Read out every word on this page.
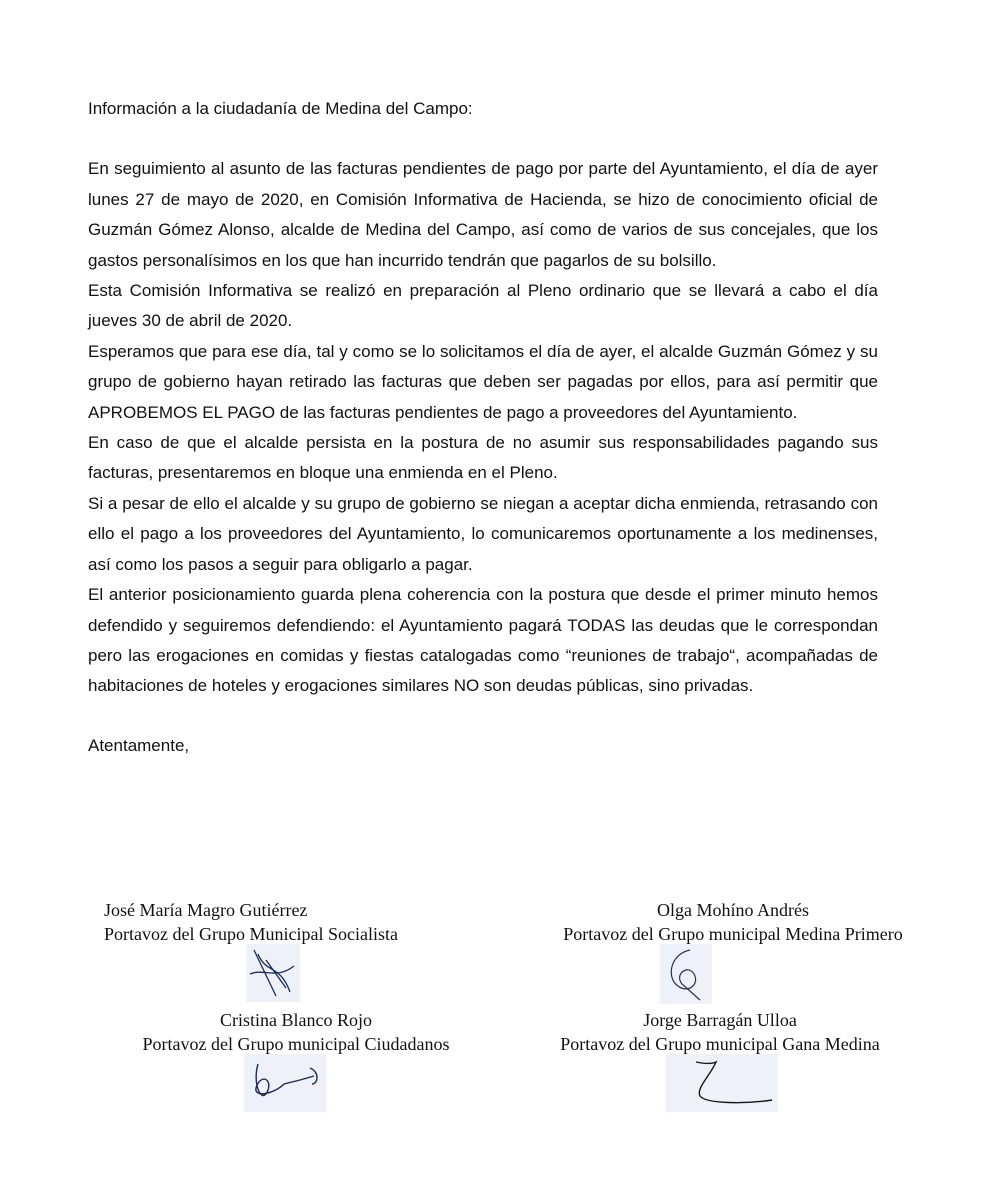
Información a la ciudadanía de Medina del Campo:

En seguimiento al asunto de las facturas pendientes de pago por parte del Ayuntamiento, el día de ayer lunes 27 de mayo de 2020, en Comisión Informativa de Hacienda, se hizo de conocimiento oficial de Guzmán Gómez Alonso, alcalde de Medina del Campo, así como de varios de sus concejales, que los gastos personalísimos en los que han incurrido tendrán que pagarlos de su bolsillo.

Esta Comisión Informativa se realizó en preparación al Pleno ordinario que se llevará a cabo el día jueves 30 de abril de 2020.

Esperamos que para ese día, tal y como se lo solicitamos el día de ayer, el alcalde Guzmán Gómez y su grupo de gobierno hayan retirado las facturas que deben ser pagadas por ellos, para así permitir que APROBEMOS EL PAGO de las facturas pendientes de pago a proveedores del Ayuntamiento.

En caso de que el alcalde persista en la postura de no asumir sus responsabilidades pagando sus facturas, presentaremos en bloque una enmienda en el Pleno.

Si a pesar de ello el alcalde y su grupo de gobierno se niegan a aceptar dicha enmienda, retrasando con ello el pago a los proveedores del Ayuntamiento, lo comunicaremos oportunamente a los medinenses, así como los pasos a seguir para obligarlo a pagar.

El anterior posicionamiento guarda plena coherencia con la postura que desde el primer minuto hemos defendido y seguiremos defendiendo: el Ayuntamiento pagará TODAS las deudas que le correspondan pero las erogaciones en comidas y fiestas catalogadas como “reuniones de trabajo“, acompañadas de habitaciones de hoteles y erogaciones similares NO son deudas públicas, sino privadas.

Atentamente,

José María Magro Gutiérrez
Portavoz del Grupo Municipal Socialista
Olga Mohíno Andrés
Portavoz del Grupo municipal Medina Primero
Cristina Blanco Rojo
Portavoz del Grupo municipal Ciudadanos
Jorge Barragán Ulloa
Portavoz del Grupo municipal Gana Medina
